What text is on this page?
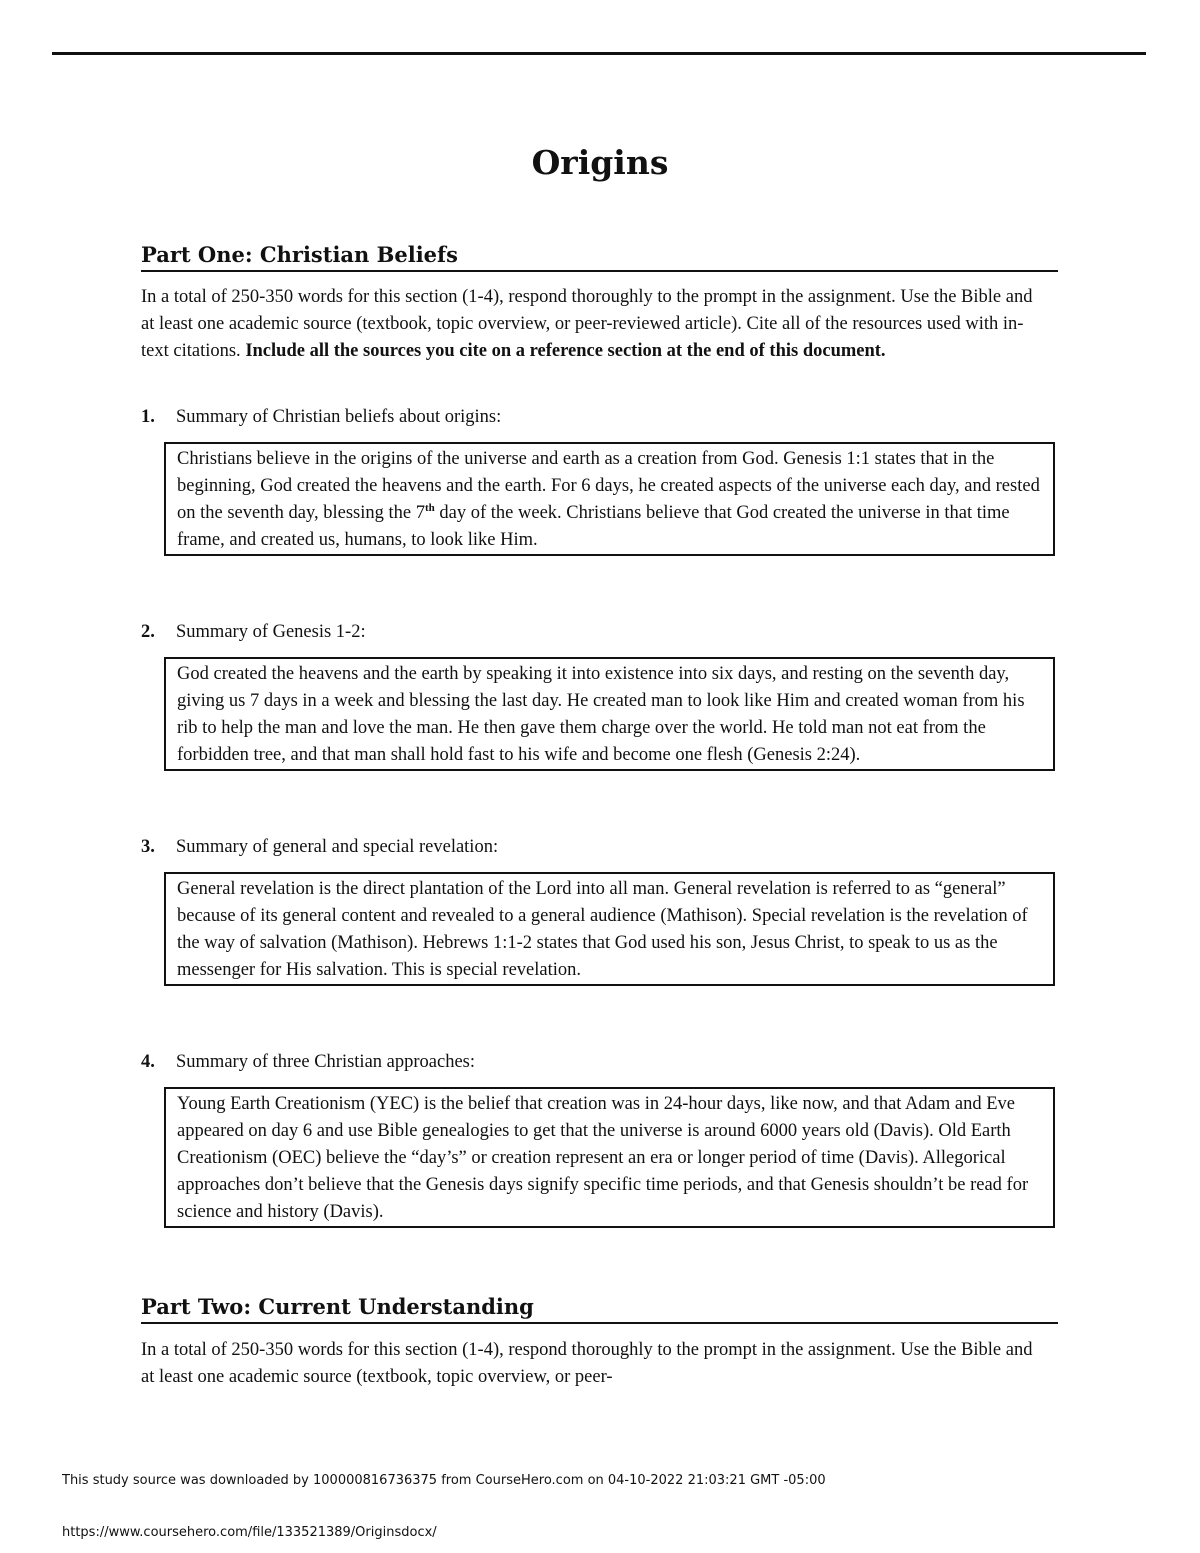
Origins
Part One: Christian Beliefs

In a total of 250-350 words for this section (1-4), respond thoroughly to the prompt in the assignment. Use the Bible and at least one academic source (textbook, topic overview, or peer-reviewed article). Cite all of the resources used with in-text citations. Include all the sources you cite on a reference section at the end of this document.

1. Summary of Christian beliefs about origins:
Christians believe in the origins of the universe and earth as a creation from God. Genesis 1:1 states that in the beginning, God created the heavens and the earth. For 6 days, he created aspects of the universe each day, and rested on the seventh day, blessing the 7th day of the week. Christians believe that God created the universe in that time frame, and created us, humans, to look like Him.
2. Summary of Genesis 1-2:
God created the heavens and the earth by speaking it into existence into six days, and resting on the seventh day, giving us 7 days in a week and blessing the last day. He created man to look like Him and created woman from his rib to help the man and love the man. He then gave them charge over the world. He told man not eat from the forbidden tree, and that man shall hold fast to his wife and become one flesh (Genesis 2:24).
3. Summary of general and special revelation:
General revelation is the direct plantation of the Lord into all man. General revelation is referred to as “general” because of its general content and revealed to a general audience (Mathison). Special revelation is the revelation of the way of salvation (Mathison). Hebrews 1:1-2 states that God used his son, Jesus Christ, to speak to us as the messenger for His salvation. This is special revelation.
4. Summary of three Christian approaches:
Young Earth Creationism (YEC) is the belief that creation was in 24-hour days, like now, and that Adam and Eve appeared on day 6 and use Bible genealogies to get that the universe is around 6000 years old (Davis). Old Earth Creationism (OEC) believe the “day’s” or creation represent an era or longer period of time (Davis). Allegorical approaches don’t believe that the Genesis days signify specific time periods, and that Genesis shouldn’t be read for science and history (Davis).
Part Two: Current Understanding

In a total of 250-350 words for this section (1-4), respond thoroughly to the prompt in the assignment. Use the Bible and at least one academic source (textbook, topic overview, or peer-

This study source was downloaded by 100000816736375 from CourseHero.com on 04-10-2022 21:03:21 GMT -05:00
https://www.coursehero.com/file/133521389/Originsdocx/
